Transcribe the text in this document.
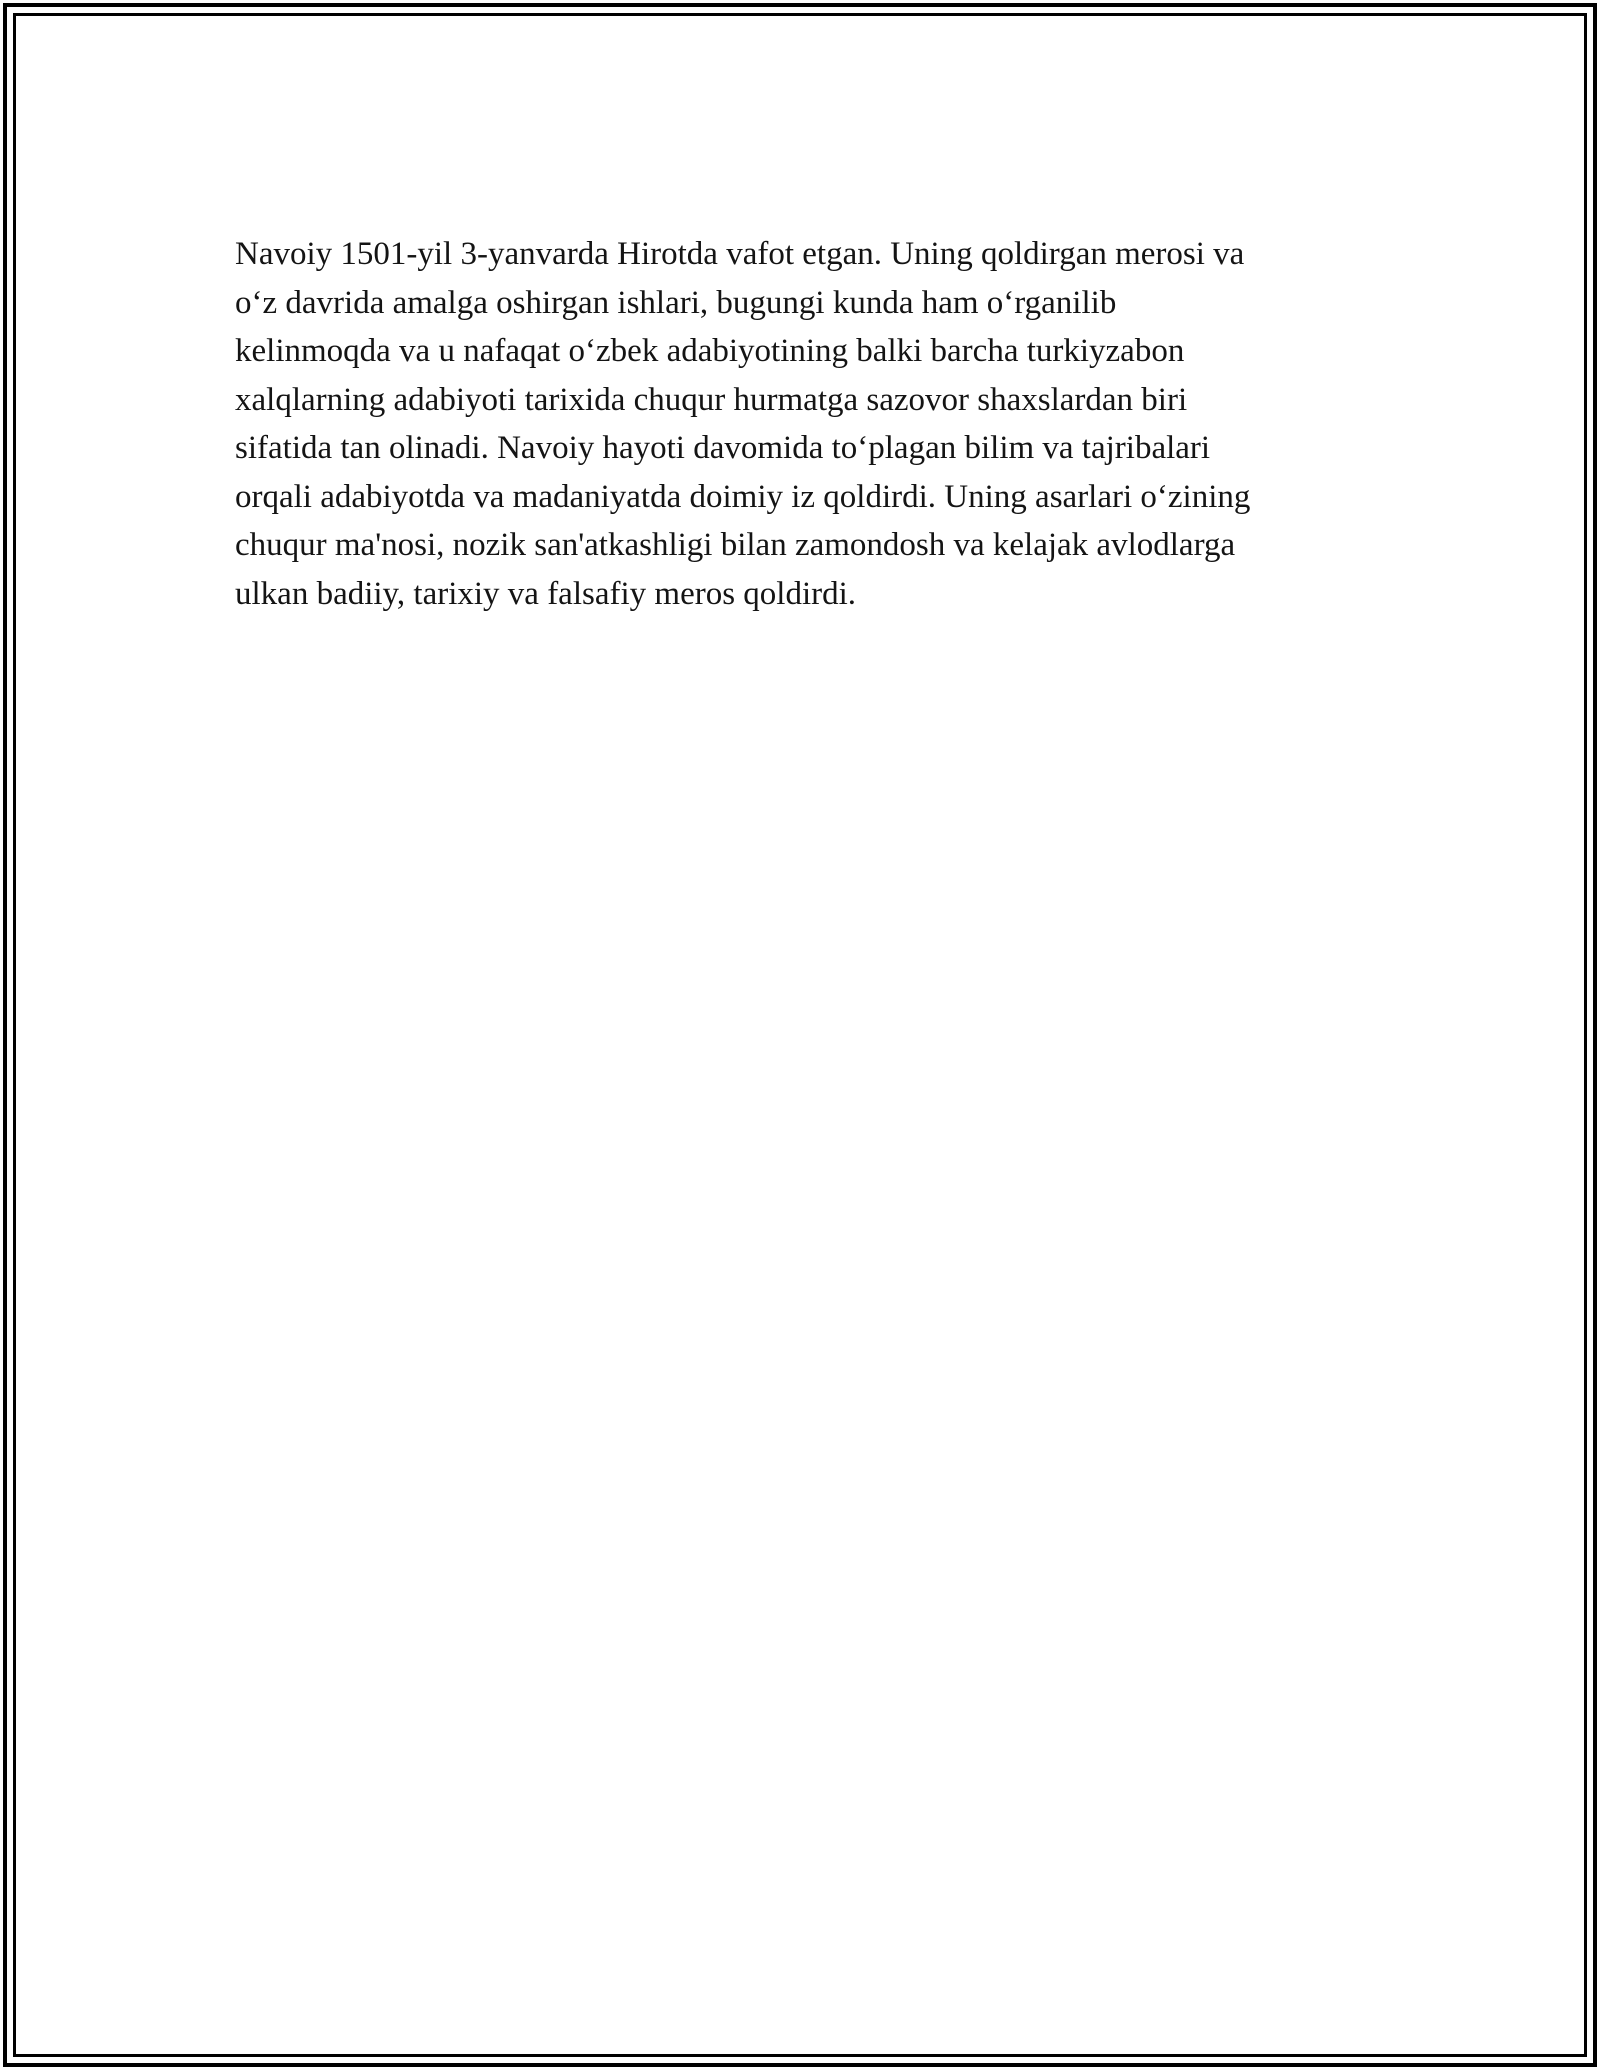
Navoiy 1501-yil 3-yanvarda Hirotda vafot etgan. Uning qoldirgan merosi va
o‘z davrida amalga oshirgan ishlari, bugungi kunda ham o‘rganilib
kelinmoqda va u nafaqat o‘zbek adabiyotining balki barcha turkiyzabon
xalqlarning adabiyoti tarixida chuqur hurmatga sazovor shaxslardan biri
sifatida tan olinadi. Navoiy hayoti davomida to‘plagan bilim va tajribalari
orqali adabiyotda va madaniyatda doimiy iz qoldirdi. Uning asarlari o‘zining
chuqur ma'nosi, nozik san'atkashligi bilan zamondosh va kelajak avlodlarga
ulkan badiiy, tarixiy va falsafiy meros qoldirdi.
